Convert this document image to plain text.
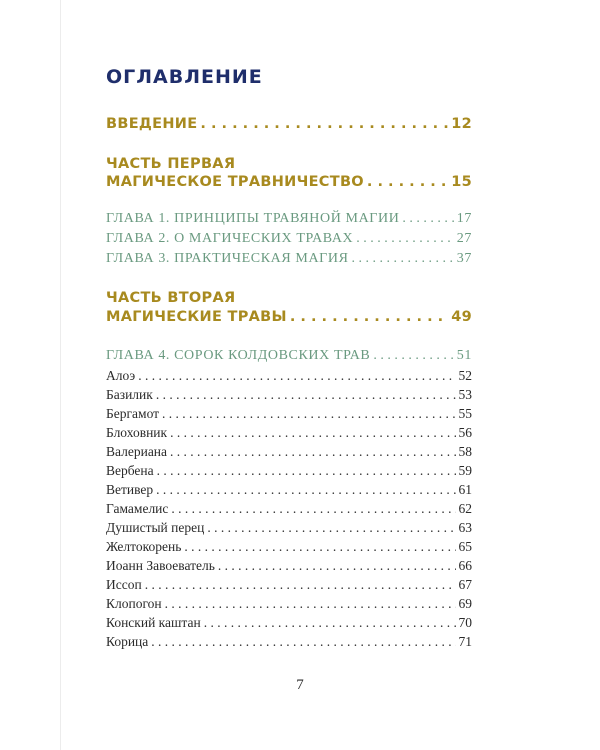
ОГЛАВЛЕНИЕ
ВВЕДЕНИЕ . . .	12
ЧАСТЬ ПЕРВАЯ
МАГИЧЕСКОЕ ТРАВНИЧЕСТВО . . .	15
ГЛАВА 1. ПРИНЦИПЫ ТРАВЯНОЙ МАГИИ . . .	17
ГЛАВА 2. О МАГИЧЕСКИХ ТРАВАХ . . .	27
ГЛАВА 3. ПРАКТИЧЕСКАЯ МАГИЯ . . .	37
ЧАСТЬ ВТОРАЯ
МАГИЧЕСКИЕ ТРАВЫ . . .	49
ГЛАВА 4. СОРОК КОЛДОВСКИХ ТРАВ . . .	51
Алоэ . . .	52
Базилик . . .	53
Бергамот . . .	55
Блоховник . . .	56
Валериана . . .	58
Вербена . . .	59
Ветивер . . .	61
Гамамелис . . .	62
Душистый перец . . .	63
Желтокорень . . .	65
Иоанн Завоеватель . . .	66
Иссоп . . .	67
Клопогон . . .	69
Конский каштан . . .	70
Корица . . .	71
7
